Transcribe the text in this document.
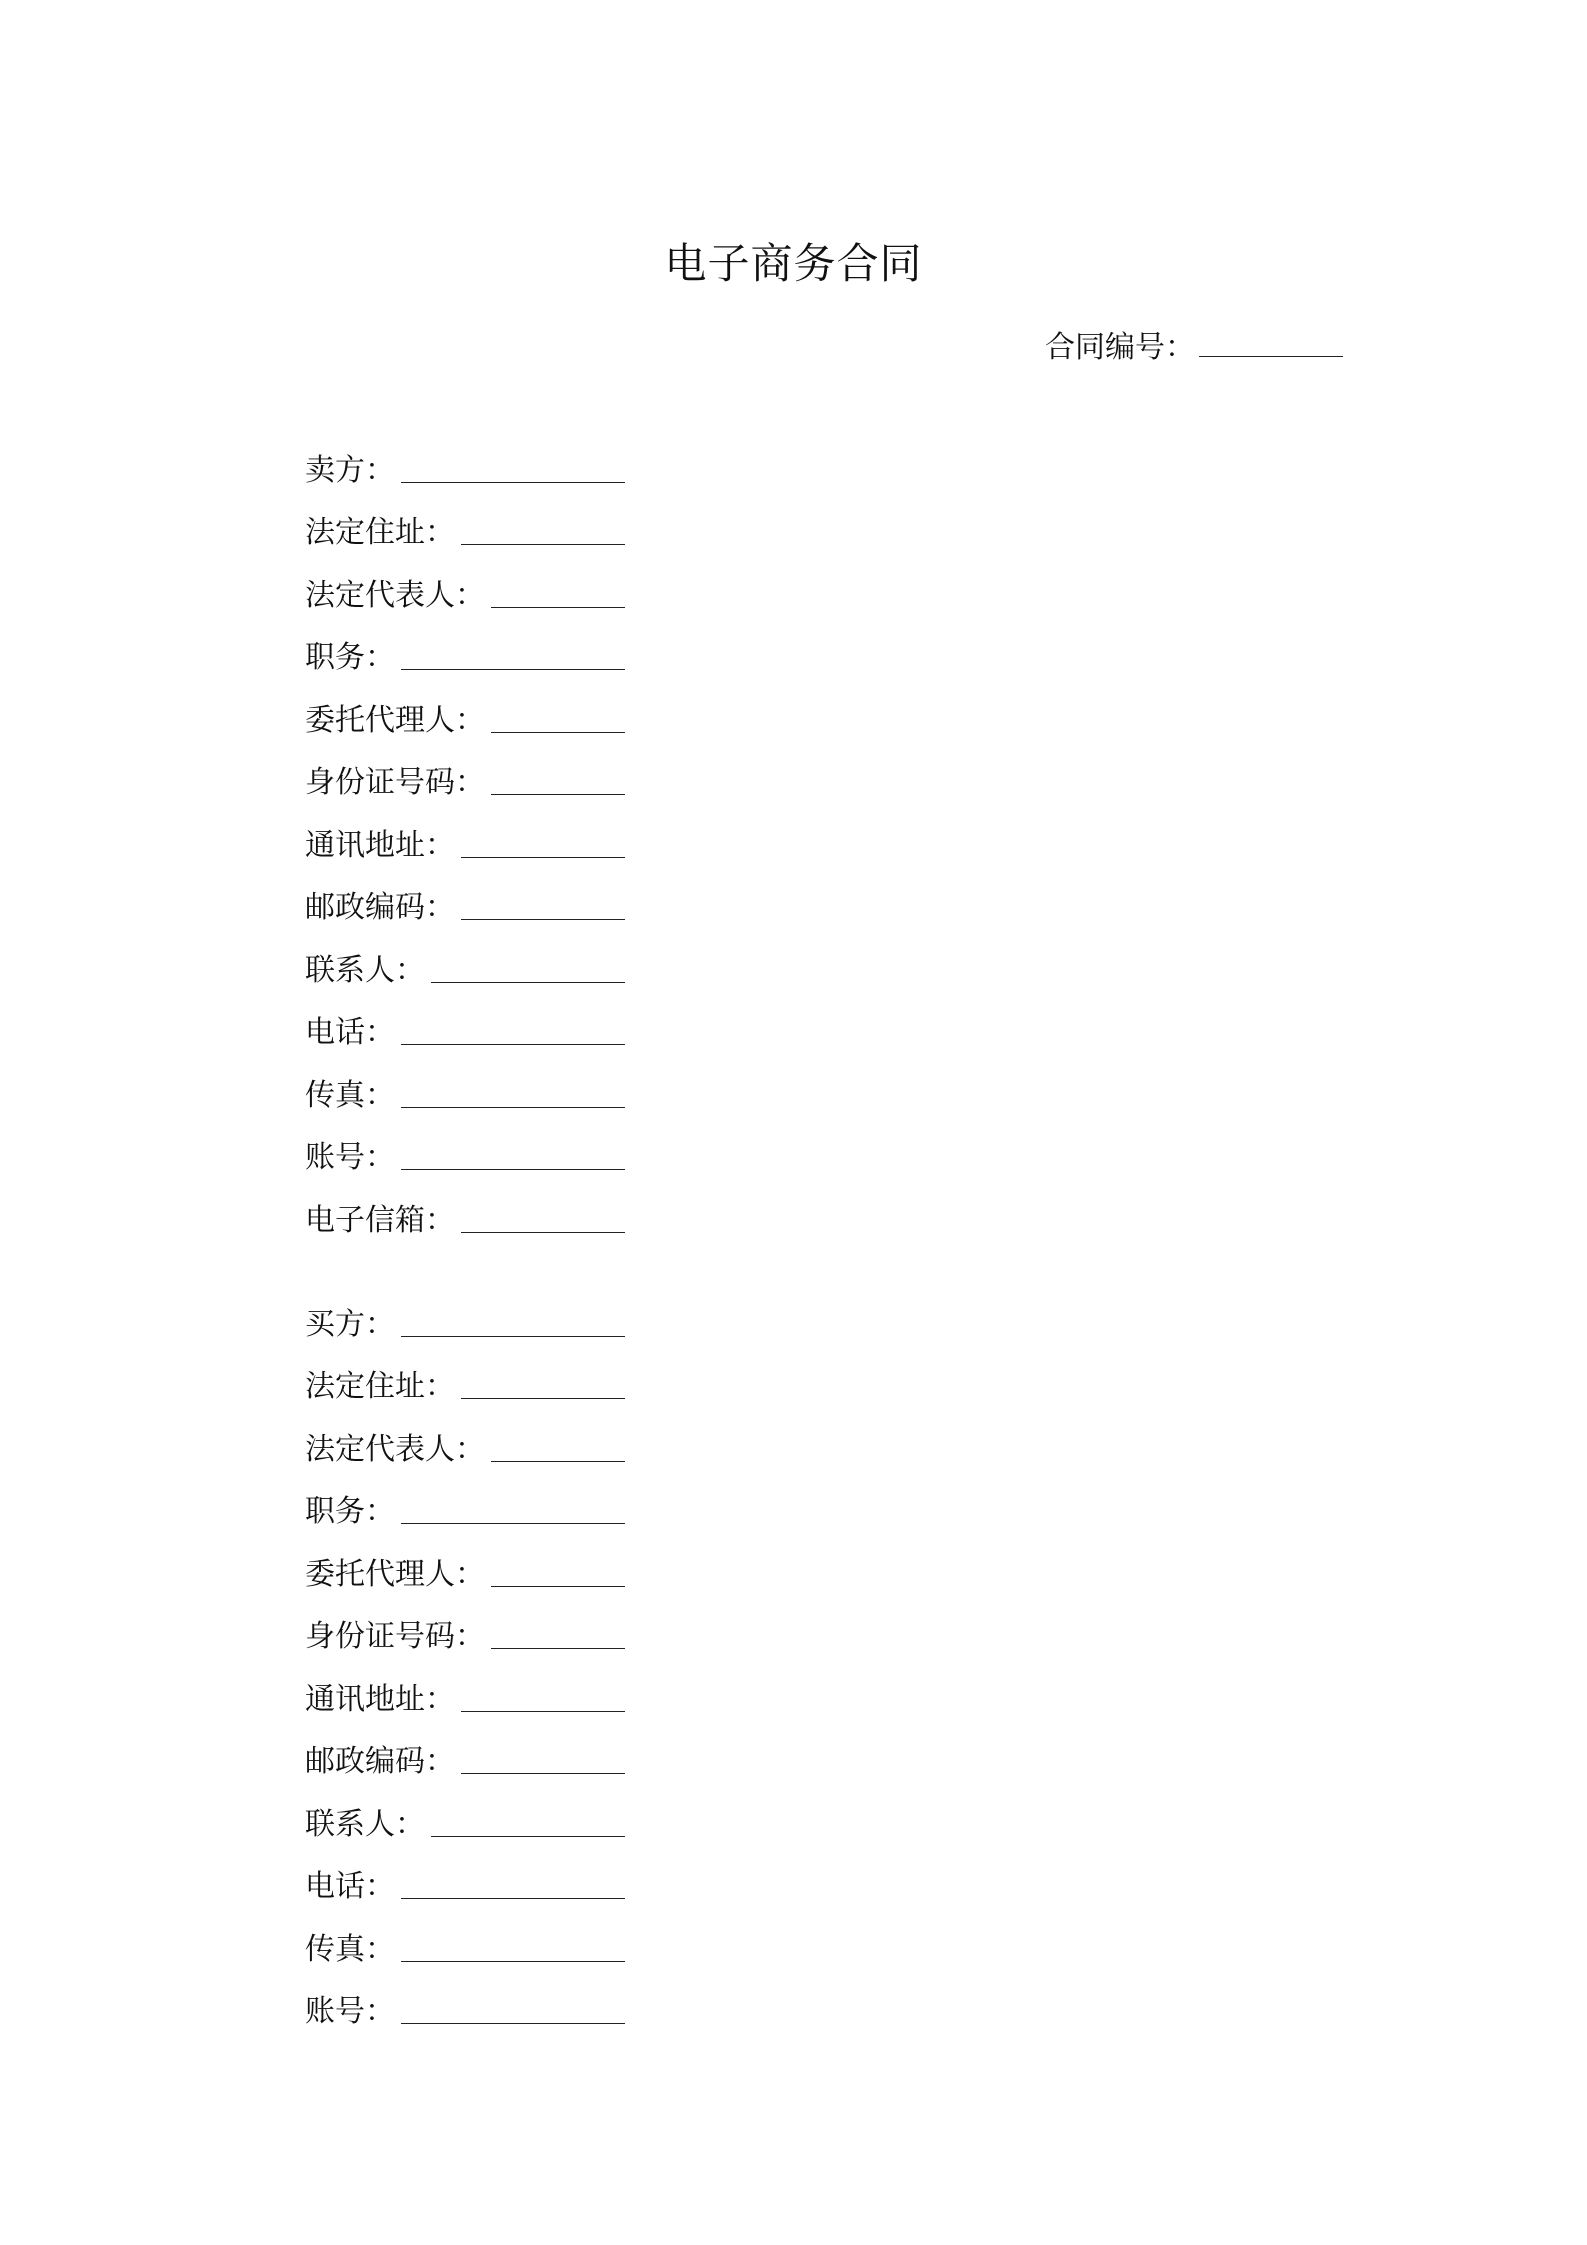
电子商务合同
合同编号：
卖方：
法定住址：
法定代表人：
职务：
委托代理人：
身份证号码：
通讯地址：
邮政编码：
联系人：
电话：
传真：
账号：
电子信箱：
买方：
法定住址：
法定代表人：
职务：
委托代理人：
身份证号码：
通讯地址：
邮政编码：
联系人：
电话：
传真：
账号：
